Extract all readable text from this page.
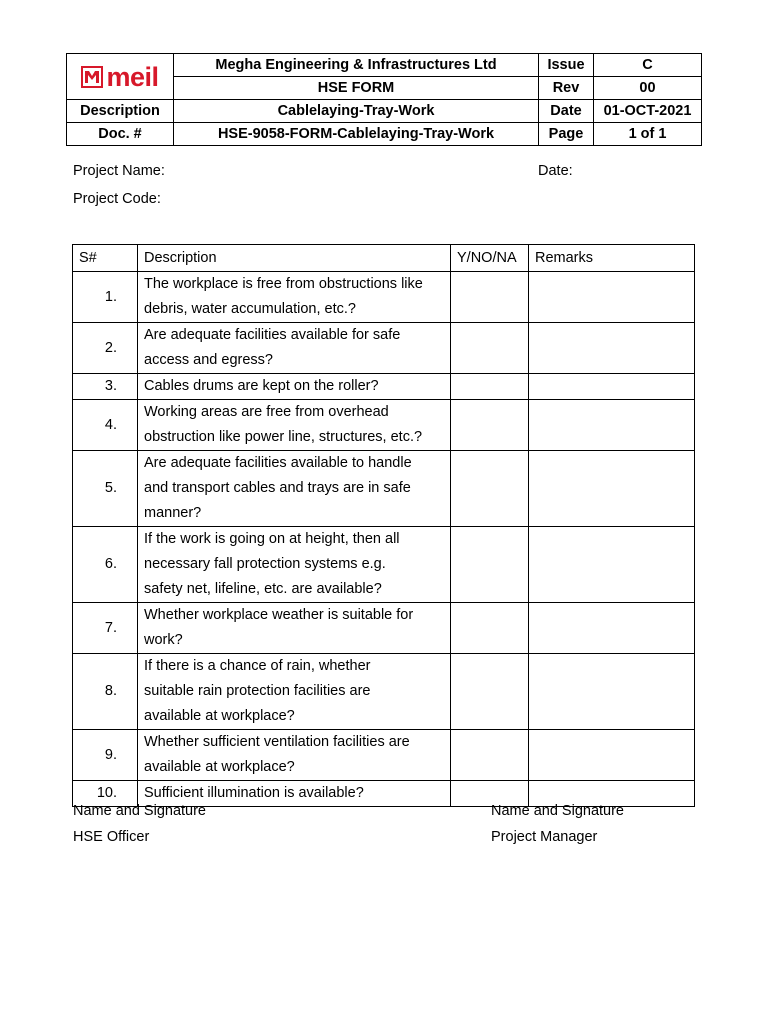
meil	Megha Engineering & Infrastructures Ltd	Issue	C
	HSE FORM	Rev	00
Description	Cablelaying-Tray-Work	Date	01-OCT-2021
Doc. #	HSE-9058-FORM-Cablelaying-Tray-Work	Page	1 of 1
Project Name:	Date:
Project Code:
S#	Description	Y/NO/NA	Remarks
1.	The workplace is free from obstructions like
debris, water accumulation, etc.?		

2.	Are adequate facilities available for safe
access and egress?		

3.	Cables drums are kept on the roller?		

4.	Working areas are free from overhead
obstruction like power line, structures, etc.?		

5.	Are adequate facilities available to handle
and transport cables and trays are in safe
manner?		

6.	If the work is going on at height, then all
necessary fall protection systems e.g.
safety net, lifeline, etc. are available?		

7.	Whether workplace weather is suitable for
work?		

8.	If there is a chance of rain, whether
suitable rain protection facilities are
available at workplace?		

9.	Whether sufficient ventilation facilities are
available at workplace?		

10.	Sufficient illumination is available?		

Name and Signature
HSE Officer
Name and Signature
Project Manager
